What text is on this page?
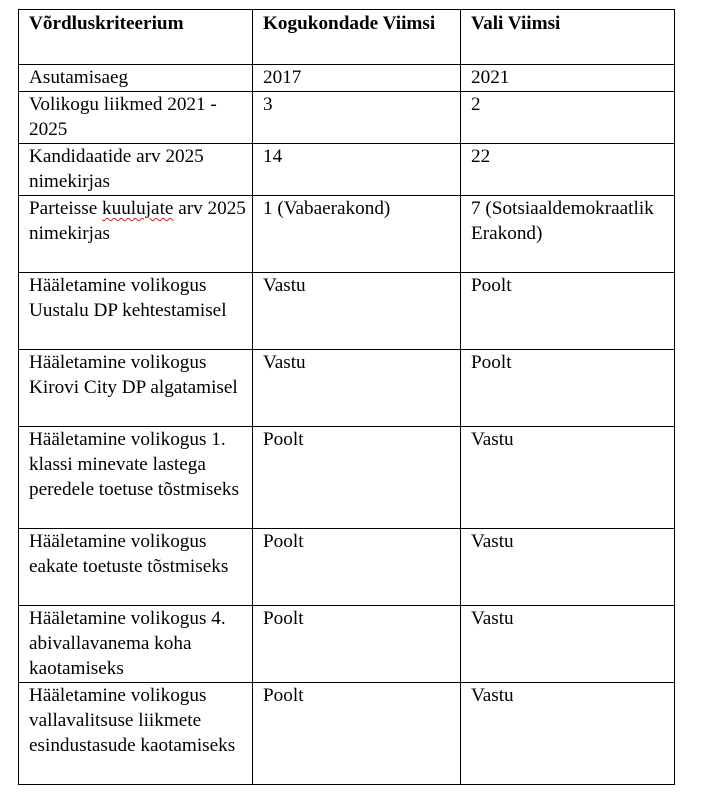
Võrdluskriteerium	Kogukondade Viimsi	Vali Viimsi
Asutamisaeg	2017	2021
Volikogu liikmed 2021 - 2025	3	2
Kandidaatide arv 2025 nimekirjas	14	22
Parteisse kuulujate arv 2025 nimekirjas	1 (Vabaerakond)	7 (Sotsiaaldemokraatlik Erakond)
Hääletamine volikogus Uustalu DP kehtestamisel	Vastu	Poolt
Hääletamine volikogus Kirovi City DP algatamisel	Vastu	Poolt
Hääletamine volikogus 1. klassi minevate lastega peredele toetuse tõstmiseks	Poolt	Vastu
Hääletamine volikogus eakate toetuste tõstmiseks	Poolt	Vastu
Hääletamine volikogus 4. abivallavanema koha kaotamiseks	Poolt	Vastu
Hääletamine volikogus vallavalitsuse liikmete esindustasude kaotamiseks	Poolt	Vastu
